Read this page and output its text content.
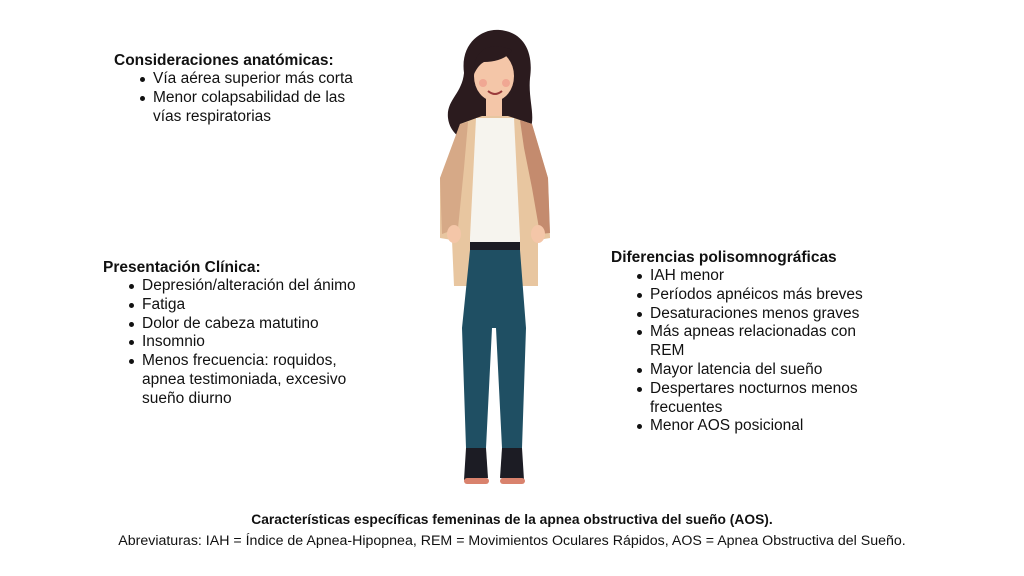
Consideraciones anatómicas:
Vía aérea superior más corta
Menor colapsabilidad de las vías respiratorias
Presentación Clínica:
Depresión/alteración del ánimo
Fatiga
Dolor de cabeza matutino
Insomnio
Menos frecuencia: roquidos, apnea testimoniada, excesivo sueño diurno
Diferencias polisomnográficas
IAH menor
Períodos apnéicos más breves
Desaturaciones menos graves
Más apneas relacionadas con REM
Mayor latencia del sueño
Despertares nocturnos menos frecuentes
Menor AOS posicional
Características específicas femeninas de la apnea obstructiva del sueño (AOS).
Abreviaturas: IAH = Índice de Apnea-Hipopnea, REM = Movimientos Oculares Rápidos, AOS = Apnea Obstructiva del Sueño.
